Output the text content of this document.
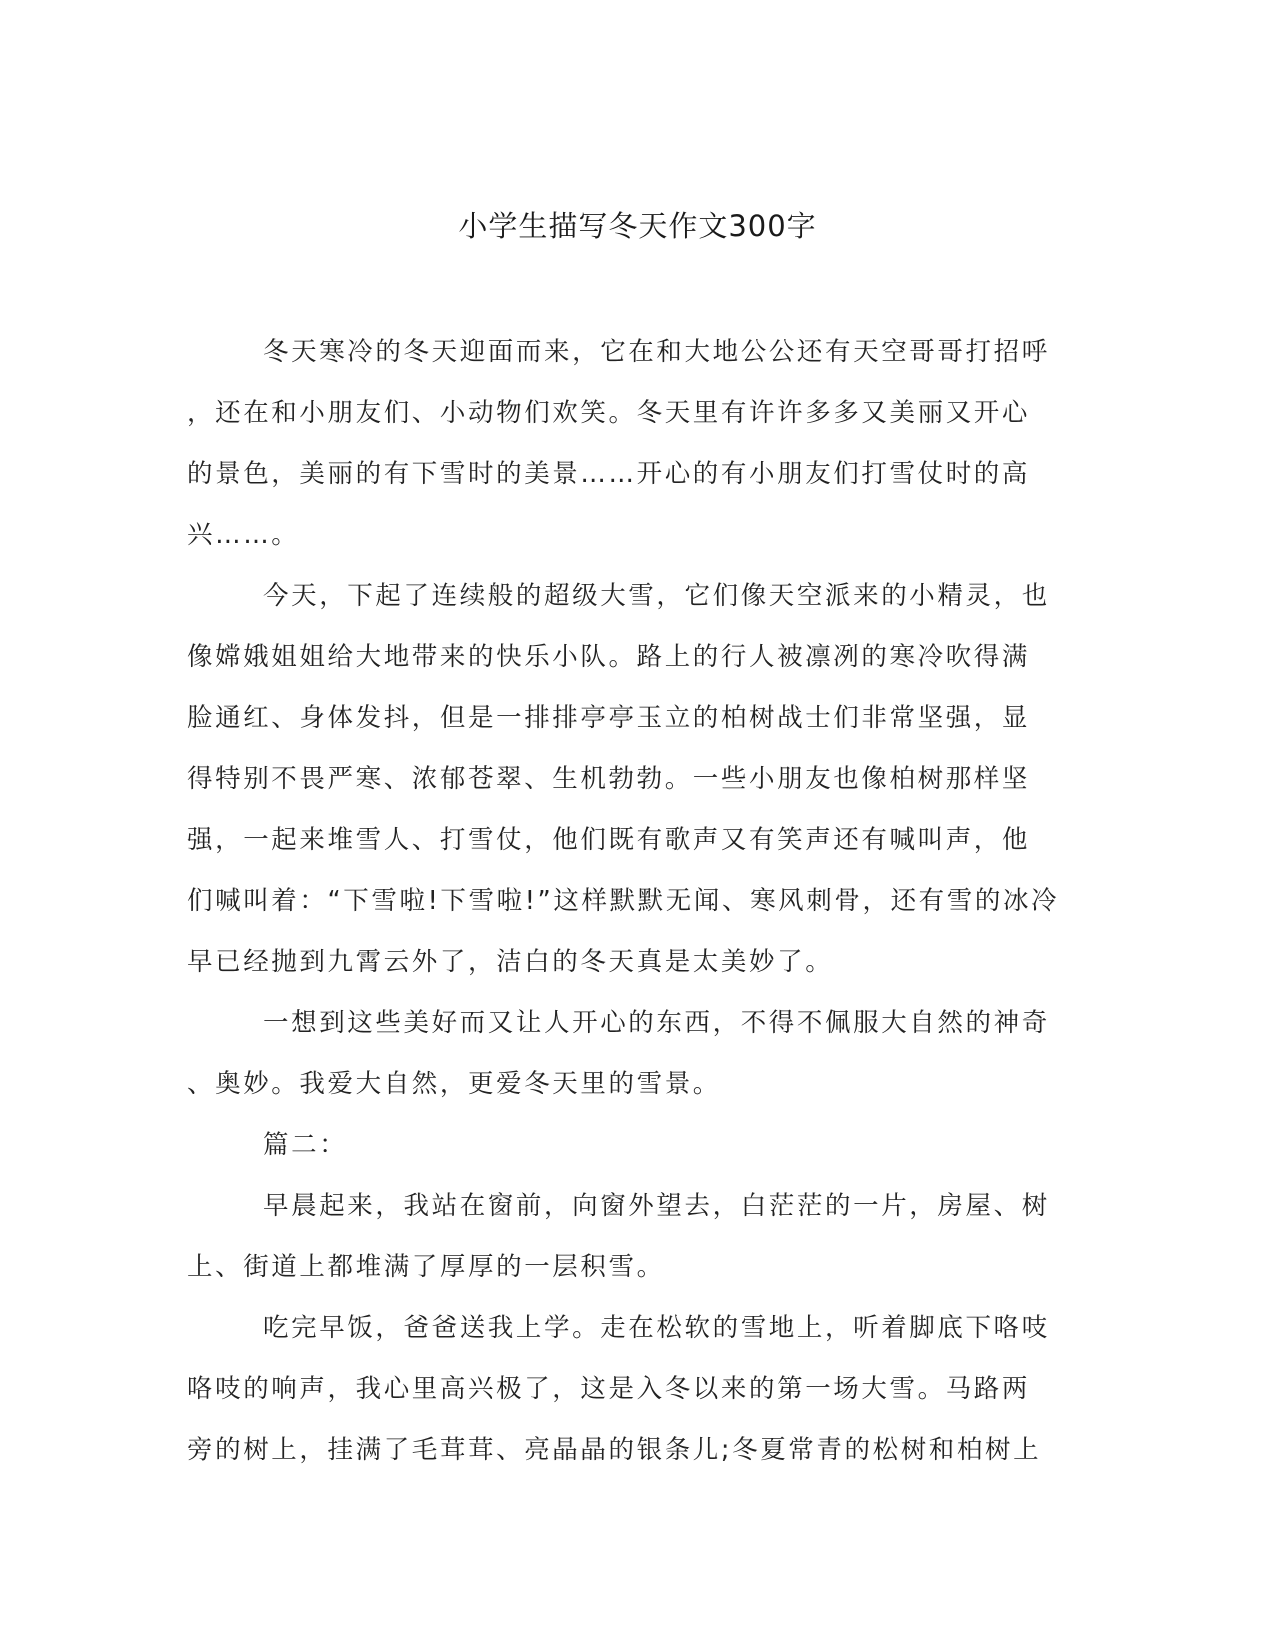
小学生描写冬天作文300字

冬天寒冷的冬天迎面而来，它在和大地公公还有天空哥哥打招呼
，还在和小朋友们、小动物们欢笑。冬天里有许许多多又美丽又开心
的景色，美丽的有下雪时的美景……开心的有小朋友们打雪仗时的高
兴……。

今天，下起了连续般的超级大雪，它们像天空派来的小精灵，也
像嫦娥姐姐给大地带来的快乐小队。路上的行人被凛冽的寒冷吹得满
脸通红、身体发抖，但是一排排亭亭玉立的柏树战士们非常坚强，显
得特别不畏严寒、浓郁苍翠、生机勃勃。一些小朋友也像柏树那样坚
强，一起来堆雪人、打雪仗，他们既有歌声又有笑声还有喊叫声，他
们喊叫着：“下雪啦!下雪啦!”这样默默无闻、寒风刺骨，还有雪的冰冷
早已经抛到九霄云外了，洁白的冬天真是太美妙了。

一想到这些美好而又让人开心的东西，不得不佩服大自然的神奇
、奥妙。我爱大自然，更爱冬天里的雪景。

篇二：

早晨起来，我站在窗前，向窗外望去，白茫茫的一片，房屋、树
上、街道上都堆满了厚厚的一层积雪。

吃完早饭，爸爸送我上学。走在松软的雪地上，听着脚底下咯吱
咯吱的响声，我心里高兴极了，这是入冬以来的第一场大雪。马路两
旁的树上，挂满了毛茸茸、亮晶晶的银条儿;冬夏常青的松树和柏树上
